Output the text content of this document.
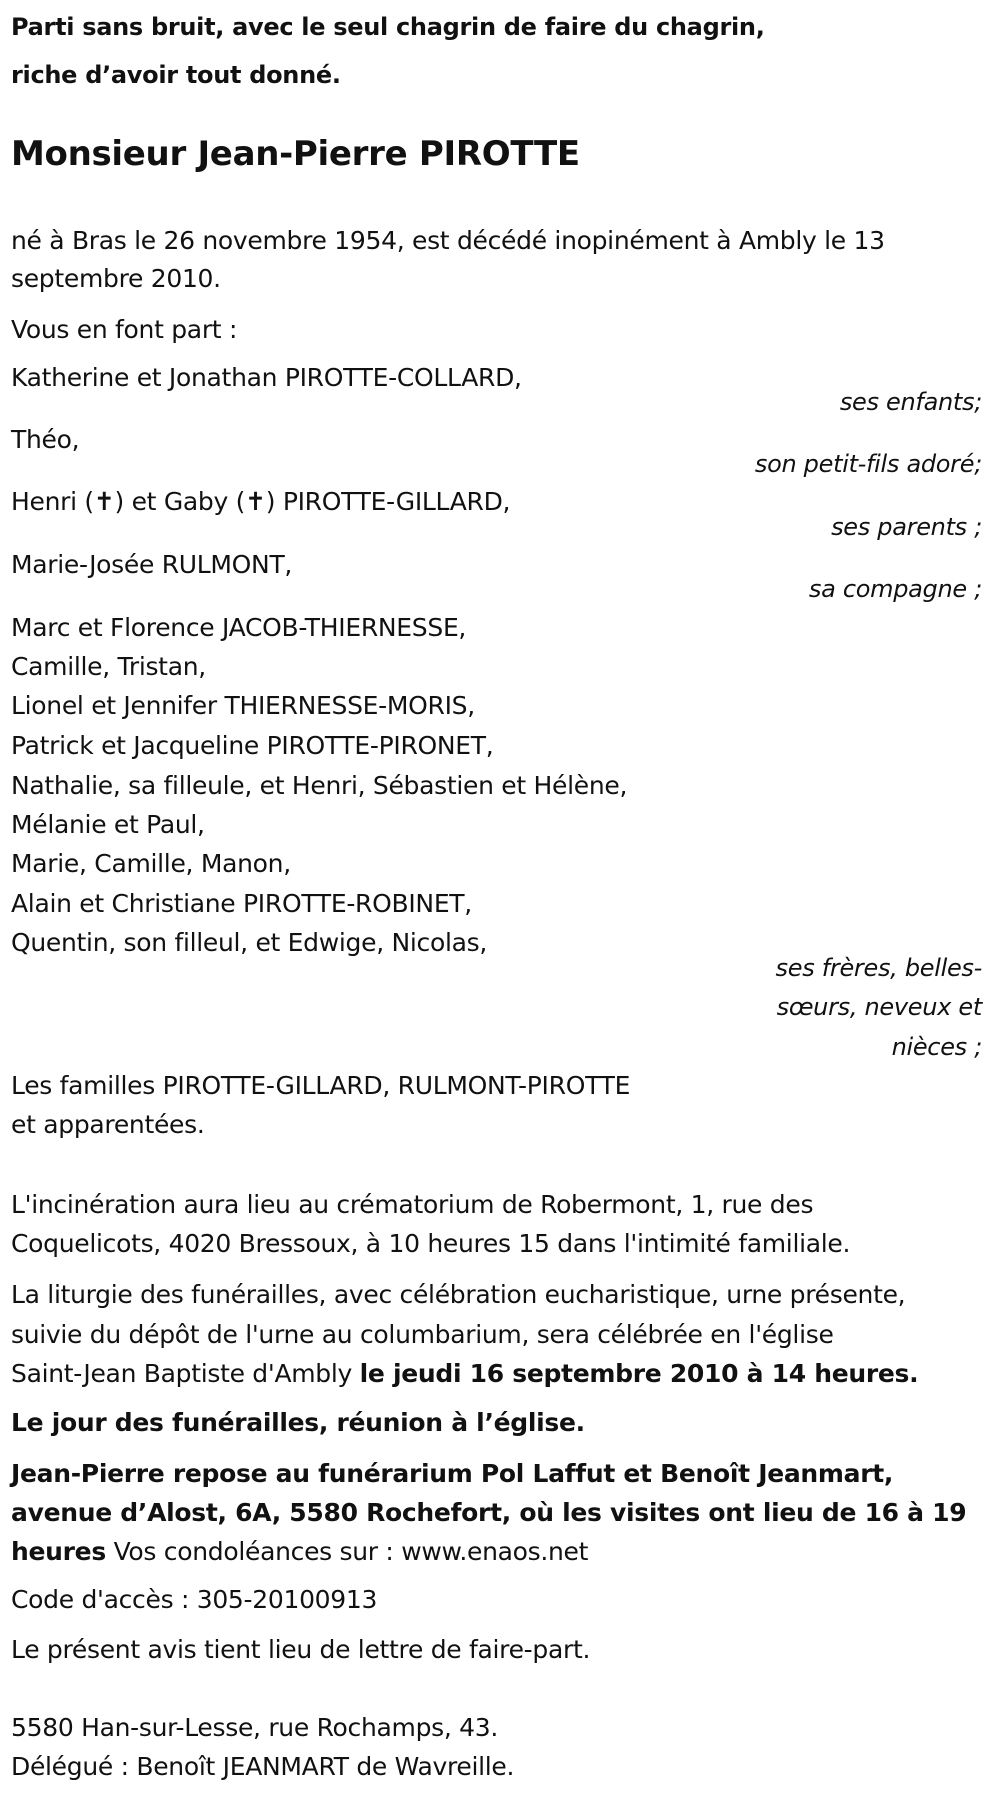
Parti sans bruit, avec le seul chagrin de faire du chagrin,
riche d’avoir tout donné.
Monsieur Jean-Pierre PIROTTE
né à Bras le 26 novembre 1954, est décédé inopinément à Ambly le 13
septembre 2010.
Vous en font part :
Katherine et Jonathan PIROTTE-COLLARD,
ses enfants;
Théo,
son petit-fils adoré;
Henri (✝) et Gaby (✝) PIROTTE-GILLARD,
ses parents ;
Marie-Josée RULMONT,
sa compagne ;
Marc et Florence JACOB-THIERNESSE,
Camille, Tristan,
Lionel et Jennifer THIERNESSE-MORIS,
Patrick et Jacqueline PIROTTE-PIRONET,
Nathalie, sa filleule, et Henri, Sébastien et Hélène,
Mélanie et Paul,
Marie, Camille, Manon,
Alain et Christiane PIROTTE-ROBINET,
Quentin, son filleul, et Edwige, Nicolas,
ses frères, belles-
sœurs, neveux et
nièces ;
Les familles PIROTTE-GILLARD, RULMONT-PIROTTE
et apparentées.
L'incinération aura lieu au crématorium de Robermont, 1, rue des
Coquelicots, 4020 Bressoux, à 10 heures 15 dans l'intimité familiale.
La liturgie des funérailles, avec célébration eucharistique, urne présente,
suivie du dépôt de l'urne au columbarium, sera célébrée en l'église
Saint-Jean Baptiste d'Ambly le jeudi 16 septembre 2010 à 14 heures.
Le jour des funérailles, réunion à l’église.
Jean-Pierre repose au funérarium Pol Laffut et Benoît Jeanmart,
avenue d’Alost, 6A, 5580 Rochefort, où les visites ont lieu de 16 à 19
heures Vos condoléances sur : www.enaos.net
Code d'accès : 305-20100913
Le présent avis tient lieu de lettre de faire-part.
5580 Han-sur-Lesse, rue Rochamps, 43.
Délégué : Benoît JEANMART de Wavreille.
